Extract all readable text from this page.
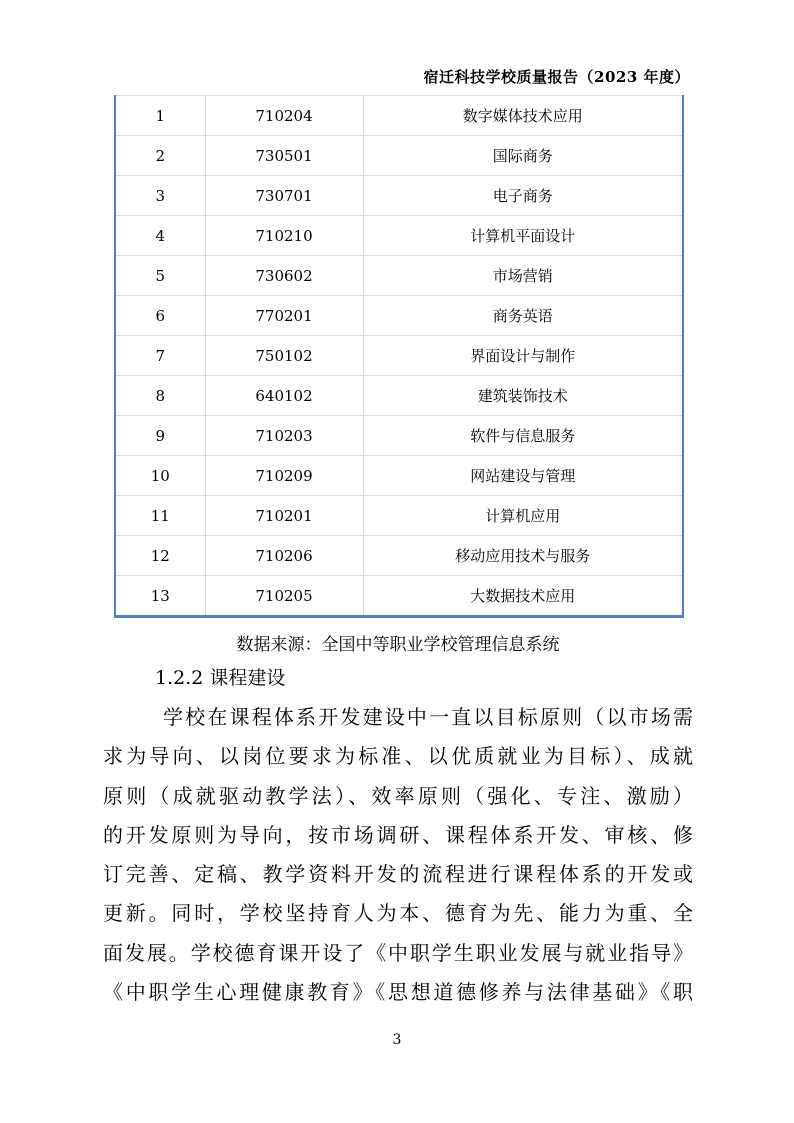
宿迁科技学校质量报告（2023 年度）
1	710204	数字媒体技术应用
2	730501	国际商务
3	730701	电子商务
4	710210	计算机平面设计
5	730602	市场营销
6	770201	商务英语
7	750102	界面设计与制作
8	640102	建筑装饰技术
9	710203	软件与信息服务
10	710209	网站建设与管理
11	710201	计算机应用
12	710206	移动应用技术与服务
13	710205	大数据技术应用
数据来源：全国中等职业学校管理信息系统
1.2.2 课程建设
学校在课程体系开发建设中一直以目标原则（以市场需
求为导向、以岗位要求为标准、以优质就业为目标）、成就
原则（成就驱动教学法）、效率原则（强化、专注、激励）
的开发原则为导向，按市场调研、课程体系开发、审核、修
订完善、定稿、教学资料开发的流程进行课程体系的开发或
更新。同时，学校坚持育人为本、德育为先、能力为重、全
面发展。学校德育课开设了《中职学生职业发展与就业指导》
《中职学生心理健康教育》《思想道德修养与法律基础》《职
3
